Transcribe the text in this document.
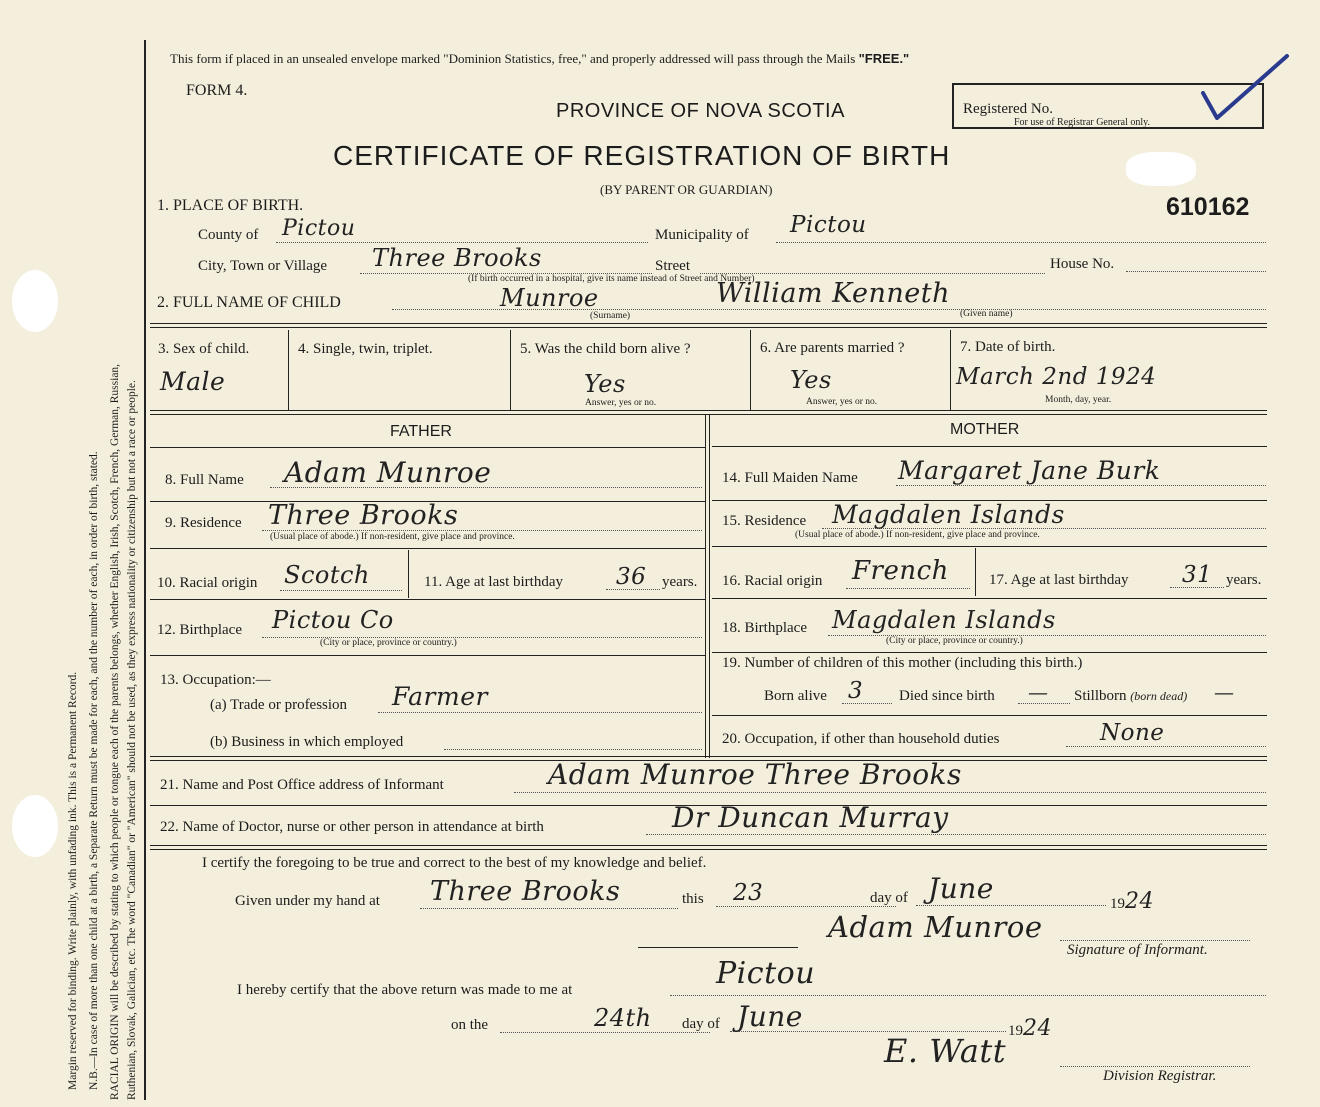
Margin reserved for binding. Write plainly, with unfading ink. This is a Permanent Record. N.B.—In case of more than one child at a birth, a Separate Return must be made for each, and the number of each, in order of birth, stated. RACIAL ORIGIN will be described by stating to which people or tongue each of the parents belongs, whether English, Irish, Scotch, French, German, Russian, Ruthenian, Slovak, Galician, etc. The word "Canadian" or "American" should not be used, as they express nationality or citizenship but not a race or people.
This form if placed in an unsealed envelope marked "Dominion Statistics, free," and properly addressed will pass through the Mails "FREE."
FORM 4.
PROVINCE OF NOVA SCOTIA
CERTIFICATE OF REGISTRATION OF BIRTH
(BY PARENT OR GUARDIAN)
Registered No.
For use of Registrar General only.
610162
1. PLACE OF BIRTH.
County of Pictou	Municipality of Pictou
City, Town or Village Three Brooks	Street	House No.
(If birth occurred in a hospital, give its name instead of Street and Number)
2. FULL NAME OF CHILD	Munroe	William Kenneth
(Surname)	(Given name)
3. Sex of child.
Male
4. Single, twin, triplet.	5. Was the child born alive ?
Yes
Answer, yes or no.
6. Are parents married ?
Yes
Answer, yes or no.
7. Date of birth.
March 2nd 1924
Month, day, year.
FATHER	MOTHER
8. Full Name Adam Munroe	14. Full Maiden Name Margaret Jane Burk
9. Residence Three Brooks
(Usual place of abode.) If non-resident, give place and province.
15. Residence Magdalen Islands
(Usual place of abode.) If non-resident, give place and province.
10. Racial origin Scotch	11. Age at last birthday 36 years. 16. Racial origin French	17. Age at last birthday 31 years.
12. Birthplace Pictou Co
(City or place, province or country.)
18. Birthplace Magdalen Islands
(City or place, province or country.)
13. Occupation:—
(a) Trade or profession Farmer
(b) Business in which employed
19. Number of children of this mother (including this birth.)
Born alive 3 Died since birth — Stillborn (born dead) —
20. Occupation, if other than household duties	None
21. Name and Post Office address of Informant	Adam Munroe Three Brooks
22. Name of Doctor, nurse or other person in attendance at birth	Dr Duncan Murray
I certify the foregoing to be true and correct to the best of my knowledge and belief.
Given under my hand at Three Brooks	this 23	day of June	1924
Adam Munroe
Signature of Informant.
I hereby certify that the above return was made to me at	Pictou
on the	24th day of June	1924
E. Watt
Division Registrar.
